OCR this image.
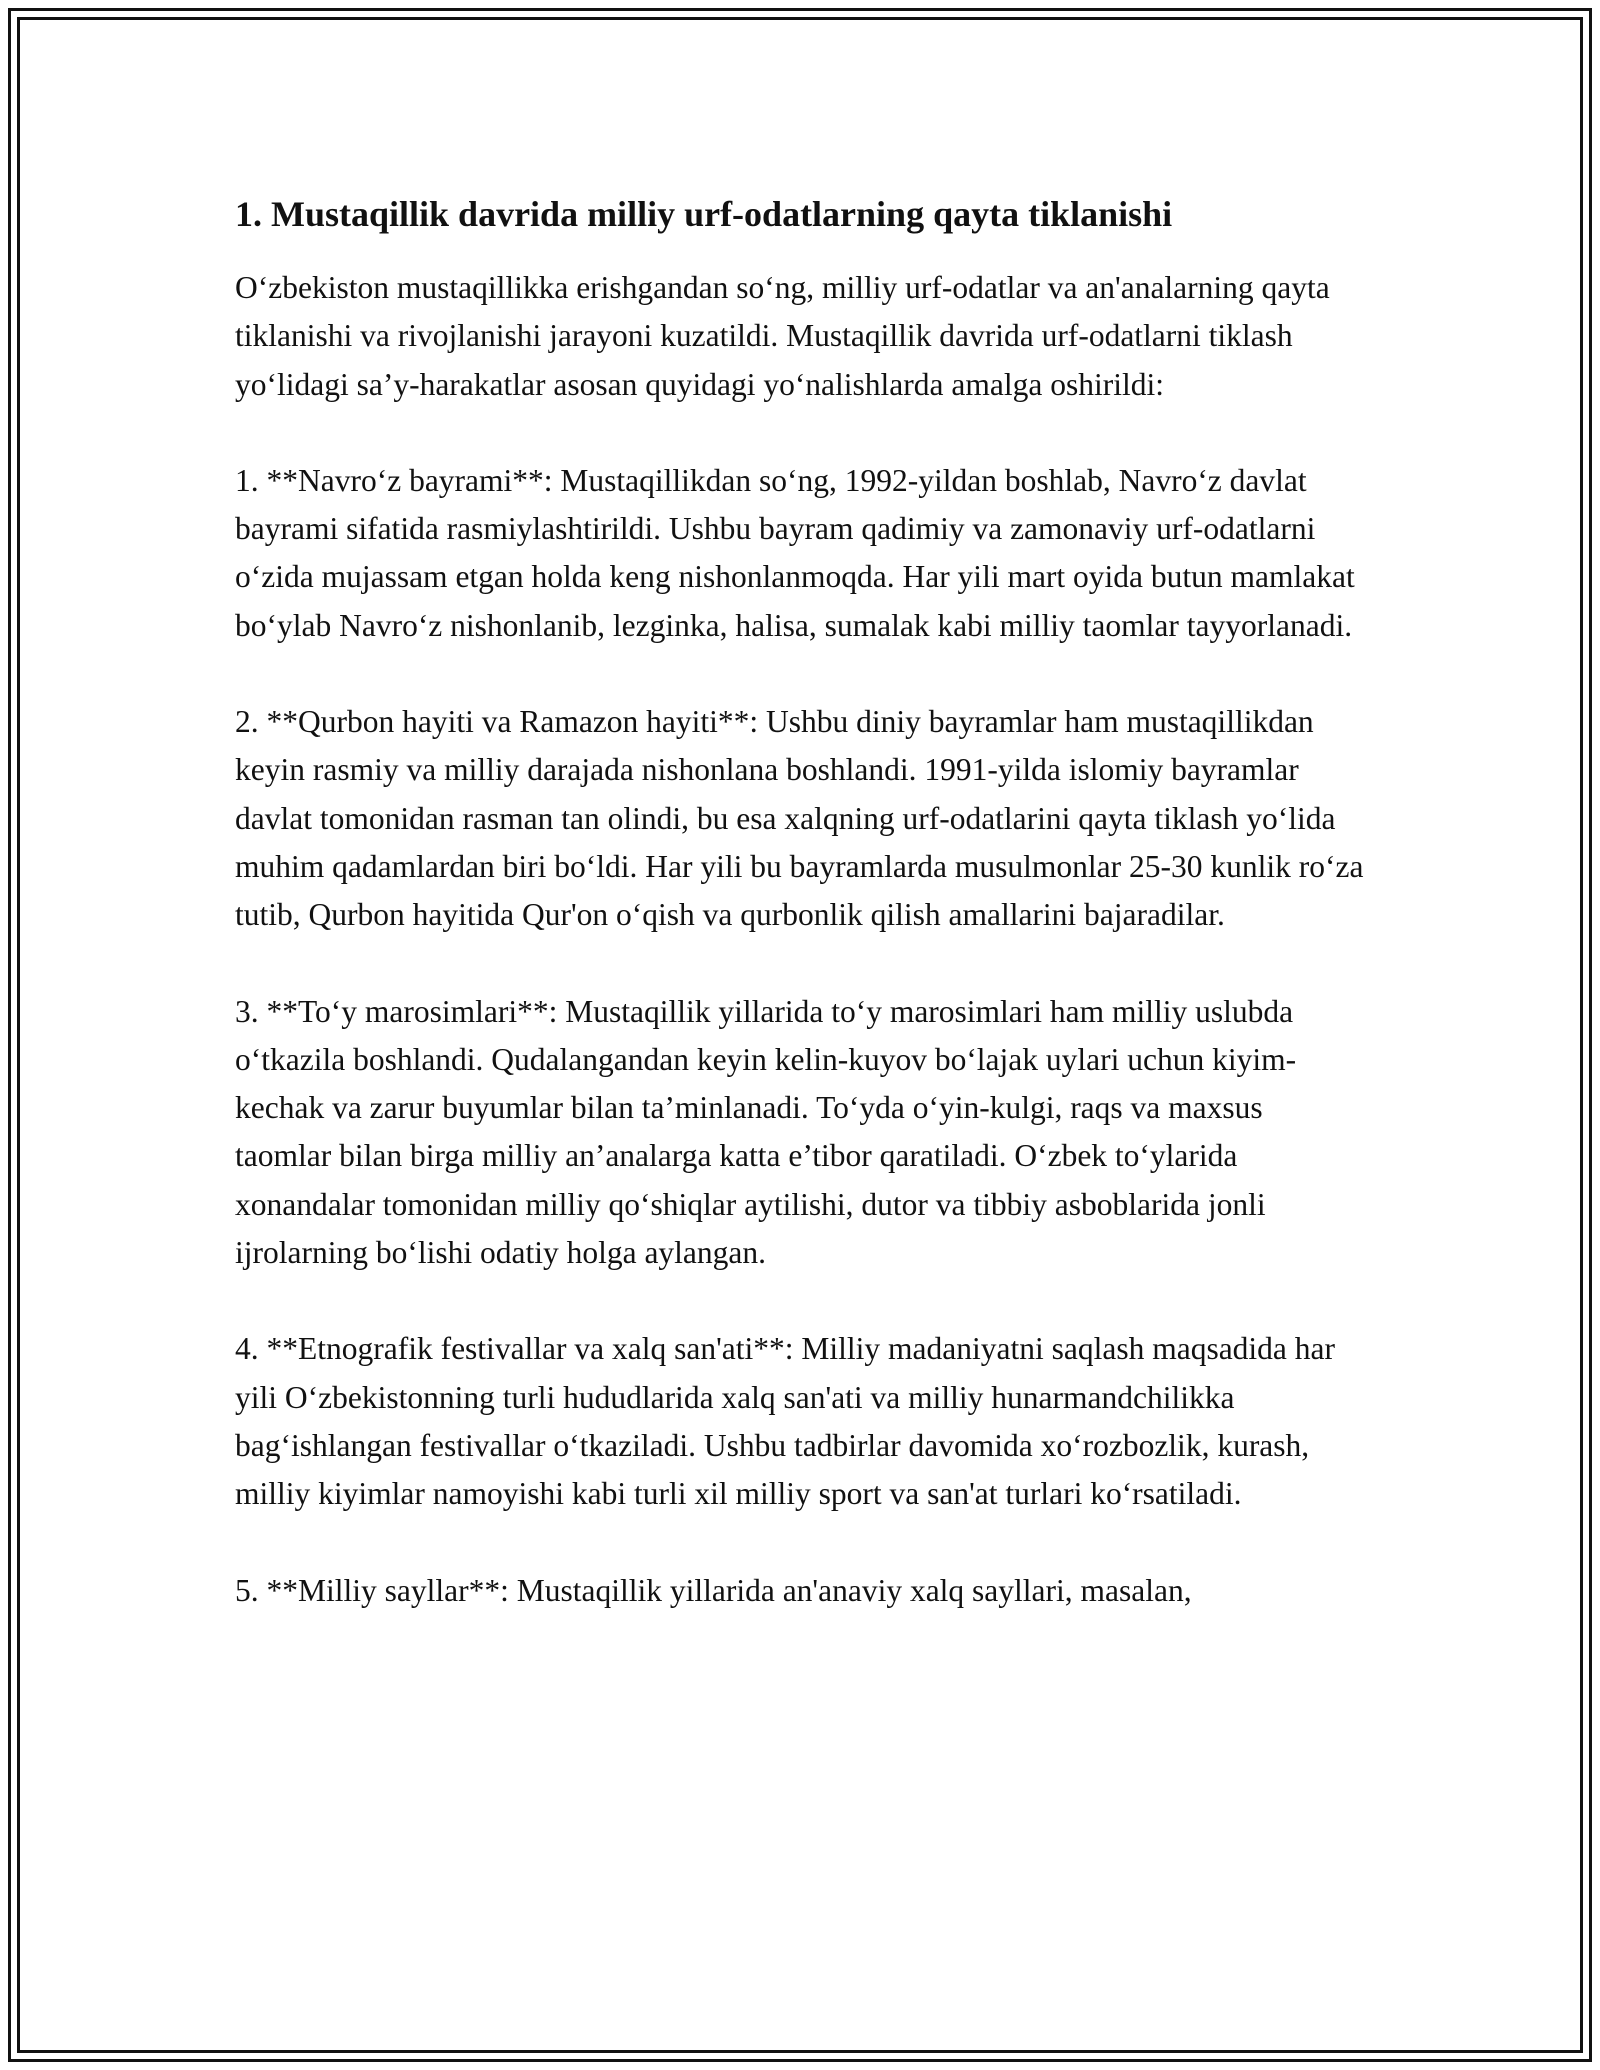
1. Mustaqillik davrida milliy urf-odatlarning qayta tiklanishi

O‘zbekiston mustaqillikka erishgandan so‘ng, milliy urf-odatlar va an'analarning qayta tiklanishi va rivojlanishi jarayoni kuzatildi. Mustaqillik davrida urf-odatlarni tiklash yo‘lidagi sa’y-harakatlar asosan quyidagi yo‘nalishlarda amalga oshirildi:

1. **Navro‘z bayrami**: Mustaqillikdan so‘ng, 1992-yildan boshlab, Navro‘z davlat bayrami sifatida rasmiylashtirildi. Ushbu bayram qadimiy va zamonaviy urf-odatlarni o‘zida mujassam etgan holda keng nishonlanmoqda. Har yili mart oyida butun mamlakat bo‘ylab Navro‘z nishonlanib, lezginka, halisa, sumalak kabi milliy taomlar tayyorlanadi.

2. **Qurbon hayiti va Ramazon hayiti**: Ushbu diniy bayramlar ham mustaqillikdan keyin rasmiy va milliy darajada nishonlana boshlandi. 1991-yilda islomiy bayramlar davlat tomonidan rasman tan olindi, bu esa xalqning urf-odatlarini qayta tiklash yo‘lida muhim qadamlardan biri bo‘ldi. Har yili bu bayramlarda musulmonlar 25-30 kunlik ro‘za tutib, Qurbon hayitida Qur'on o‘qish va qurbonlik qilish amallarini bajaradilar.

3. **To‘y marosimlari**: Mustaqillik yillarida to‘y marosimlari ham milliy uslubda o‘tkazila boshlandi. Qudalangandan keyin kelin-kuyov bo‘lajak uylari uchun kiyim-kechak va zarur buyumlar bilan ta’minlanadi. To‘yda o‘yin-kulgi, raqs va maxsus taomlar bilan birga milliy an’analarga katta e’tibor qaratiladi. O‘zbek to‘ylarida xonandalar tomonidan milliy qo‘shiqlar aytilishi, dutor va tibbiy asboblarida jonli ijrolarning bo‘lishi odatiy holga aylangan.

4. **Etnografik festivallar va xalq san'ati**: Milliy madaniyatni saqlash maqsadida har yili O‘zbekistonning turli hududlarida xalq san'ati va milliy hunarmandchilikka bag‘ishlangan festivallar o‘tkaziladi. Ushbu tadbirlar davomida xo‘rozbozlik, kurash, milliy kiyimlar namoyishi kabi turli xil milliy sport va san'at turlari ko‘rsatiladi.

5. **Milliy sayllar**: Mustaqillik yillarida an'anaviy xalq sayllari, masalan,
